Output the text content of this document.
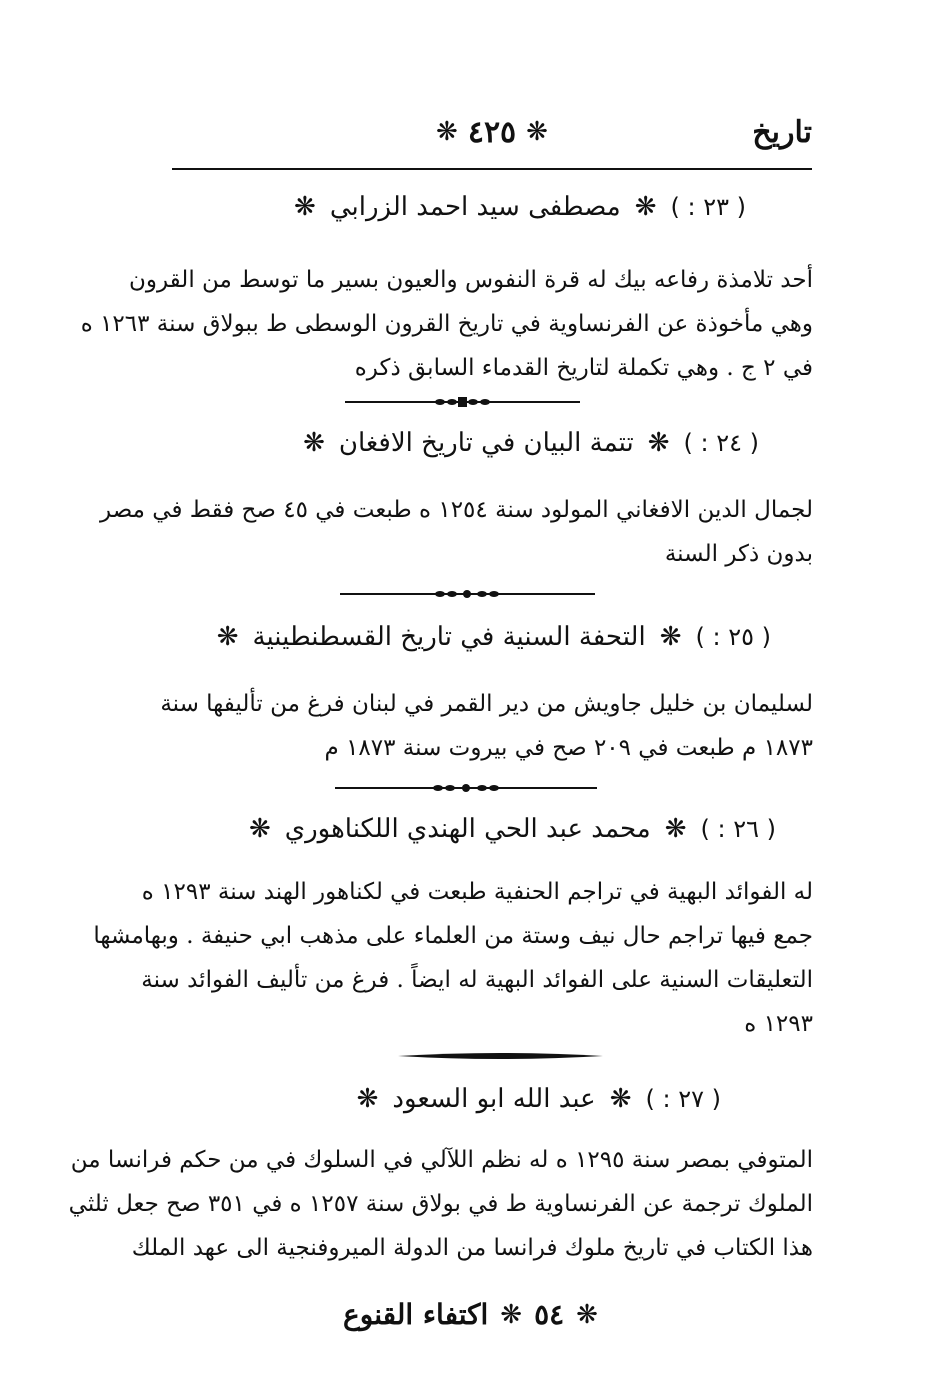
تاريخ
❋
٤٢٥
❋
( ٢٣ : )
❋
مصطفى سيد احمد الزرابي
❋
أحد تلامذة رفاعه بيك له قرة النفوس والعيون بسير ما توسط من القرون
وهي مأخوذة عن الفرنساوية في تاريخ القرون الوسطى ط ببولاق سنة ١٢٦٣ ه
في ٢ ج . وهي تكملة لتاريخ القدماء السابق ذكره
( ٢٤ : )
❋
تتمة البيان في تاريخ الافغان
❋
لجمال الدين الافغاني المولود سنة ١٢٥٤ ه طبعت في ٤٥ صح فقط في مصر
بدون ذكر السنة
( ٢٥ : )
❋
التحفة السنية في تاريخ القسطنطينية
❋
لسليمان بن خليل جاويش من دير القمر في لبنان فرغ من تأليفها سنة
١٨٧٣ م طبعت في ٢٠٩ صح في بيروت سنة ١٨٧٣ م
( ٢٦ : )
❋
محمد عبد الحي الهندي اللكناهوري
❋
له الفوائد البهية في تراجم الحنفية طبعت في لكناهور الهند سنة ١٢٩٣ ه
جمع فيها تراجم حال نيف وستة من العلماء على مذهب ابي حنيفة . وبهامشها
التعليقات السنية على الفوائد البهية له ايضاً . فرغ من تأليف الفوائد سنة
١٢٩٣ ه
( ٢٧ : )
❋
عبد الله ابو السعود
❋
المتوفي بمصر سنة ١٢٩٥ ه له نظم اللآلي في السلوك في من حكم فرانسا من
الملوك ترجمة عن الفرنساوية ط في بولاق سنة ١٢٥٧ ه في ٣٥١ صح جعل ثلثي
هذا الكتاب في تاريخ ملوك فرانسا من الدولة الميروفنجية الى عهد الملك
❋
٥٤
❋
اكتفاء القنوع
